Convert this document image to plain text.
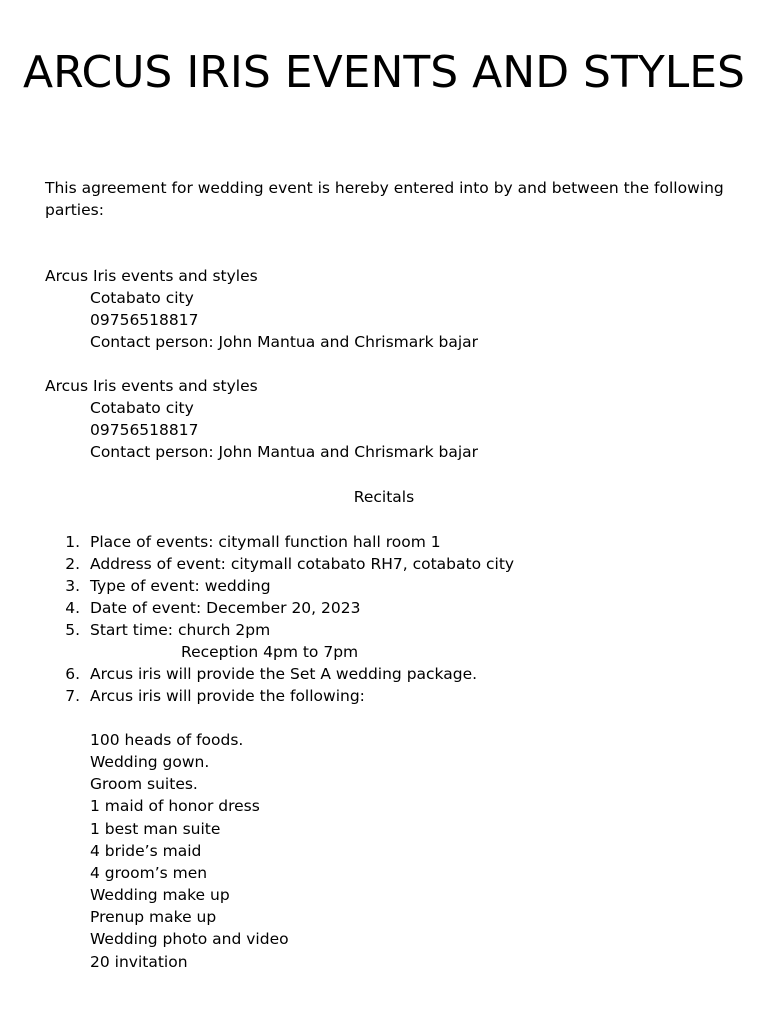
ARCUS IRIS EVENTS AND STYLES

This agreement for wedding event is hereby entered into by and between the following parties:

Arcus Iris events and styles

Cotabato city

09756518817

Contact person: John Mantua and Chrismark bajar

Arcus Iris events and styles

Cotabato city

09756518817

Contact person: John Mantua and Chrismark bajar

Recitals

1. Place of events: citymall function hall room 1

2. Address of event: citymall cotabato RH7, cotabato city

3. Type of event: wedding

4. Date of event: December 20, 2023

5. Start time: church 2pm

Reception 4pm to 7pm

6. Arcus iris will provide the Set A wedding package.

7. Arcus iris will provide the following:

100 heads of foods.

Wedding gown.

Groom suites.

1 maid of honor dress

1 best man suite

4 bride’s maid

4 groom’s men

Wedding make up

Prenup make up

Wedding photo and video

20 invitation
